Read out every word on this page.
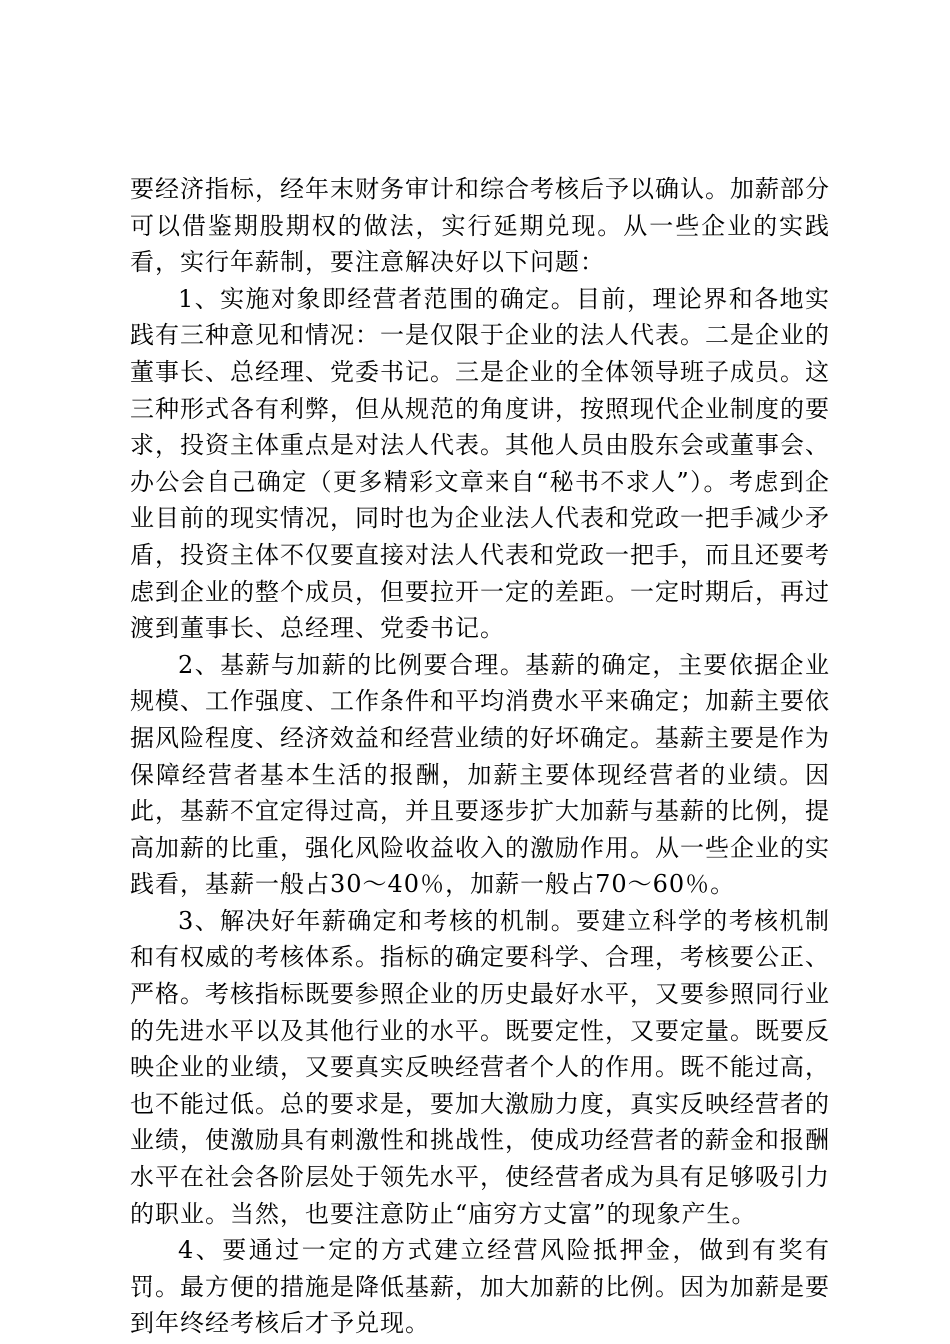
要经济指标，经年末财务审计和综合考核后予以确认。加薪部分可以借鉴期股期权的做法，实行延期兑现。从一些企业的实践看，实行年薪制，要注意解决好以下问题：

1、实施对象即经营者范围的确定。目前，理论界和各地实践有三种意见和情况：一是仅限于企业的法人代表。二是企业的董事长、总经理、党委书记。三是企业的全体领导班子成员。这三种形式各有利弊，但从规范的角度讲，按照现代企业制度的要求，投资主体重点是对法人代表。其他人员由股东会或董事会、办公会自己确定（更多精彩文章来自“秘书不求人”）。考虑到企业目前的现实情况，同时也为企业法人代表和党政一把手减少矛盾，投资主体不仅要直接对法人代表和党政一把手，而且还要考虑到企业的整个成员，但要拉开一定的差距。一定时期后，再过渡到董事长、总经理、党委书记。

2、基薪与加薪的比例要合理。基薪的确定，主要依据企业规模、工作强度、工作条件和平均消费水平来确定；加薪主要依据风险程度、经济效益和经营业绩的好坏确定。基薪主要是作为保障经营者基本生活的报酬，加薪主要体现经营者的业绩。因此，基薪不宜定得过高，并且要逐步扩大加薪与基薪的比例，提高加薪的比重，强化风险收益收入的激励作用。从一些企业的实践看，基薪一般占30～40％，加薪一般占70～60％。

3、解决好年薪确定和考核的机制。要建立科学的考核机制和有权威的考核体系。指标的确定要科学、合理，考核要公正、严格。考核指标既要参照企业的历史最好水平，又要参照同行业的先进水平以及其他行业的水平。既要定性，又要定量。既要反映企业的业绩，又要真实反映经营者个人的作用。既不能过高，也不能过低。总的要求是，要加大激励力度，真实反映经营者的业绩，使激励具有刺激性和挑战性，使成功经营者的薪金和报酬水平在社会各阶层处于领先水平，使经营者成为具有足够吸引力的职业。当然，也要注意防止“庙穷方丈富”的现象产生。

4、要通过一定的方式建立经营风险抵押金，做到有奖有罚。最方便的措施是降低基薪，加大加薪的比例。因为加薪是要到年终经考核后才予兑现。
